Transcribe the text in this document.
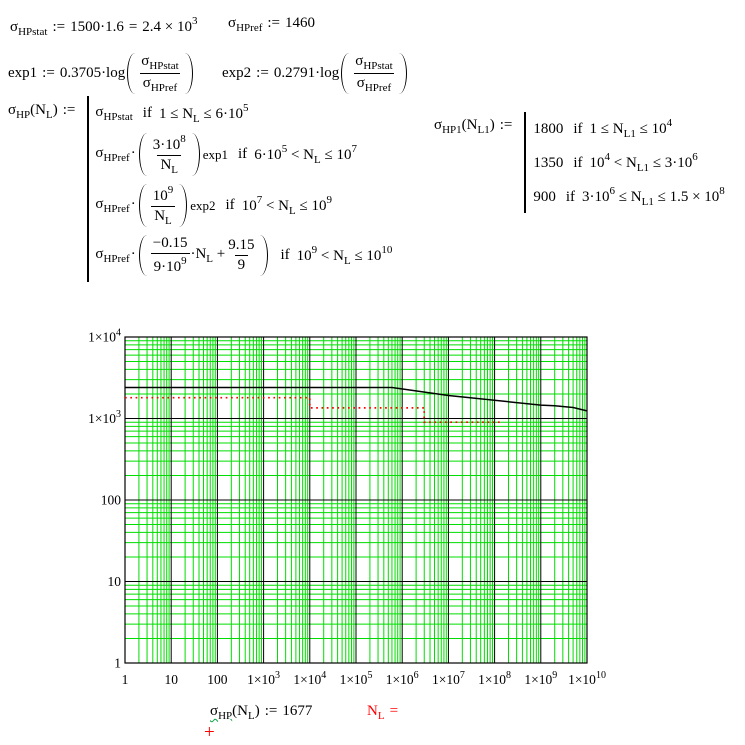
1	10 100 $1\times 10^3$ $1\times 10^4$ $1\times 10^5$ $1\times 10^6$ $1\times 10^7$ $1\times 10^8$ $1\times 10^9$ $1\times 10^{10}$
1
10
100
$1\times 10^3$
$1\times 10^4$
$\sigma_{HPstat}$ := $1500\cdot 1.6 = 2.4 \times 10^3$ $\sigma_{HPref}$ := 1460
exp1 := 0.3705·log
$\sigma_{HPstat}$
$\sigma_{HPref}$
exp2 := 0.2791·log
$\sigma_{HPstat}$
$\sigma_{HPref}$
$\sigma_{HP}(N_L)$ :=	$\sigma_{HPstat}$ if $1 \le N_L \le 6\cdot 10^5$
$\sigma_{HPref}\cdot 3\cdot 10^8$
$N_L$
exp1 if $6\cdot 10^5 < N_L \le 10^7$
$\sigma_{HPref}\cdot 10^9$
$N_L$
exp2 if $10^7 < N_L \le 10^9$
$\sigma_{HPref}\cdot$
−0.15
$9\cdot 10^9 \cdot N_L + \frac{9.15}{9}$ if $10^9 < N_L \le 10^{10}$
$\sigma_{HP1}(N_{L1})$ :=	1800 if $1 \le N_{L1} \le 10^4$
1350 if $10^4 < N_{L1} \le 3\cdot 10^6$
900 if $3\cdot 10^6 \le N_{L1} \le 1.5 \times 10^8$
$\sigma_{HP}(N_L)$ := 1677	$N_L$ =
+
